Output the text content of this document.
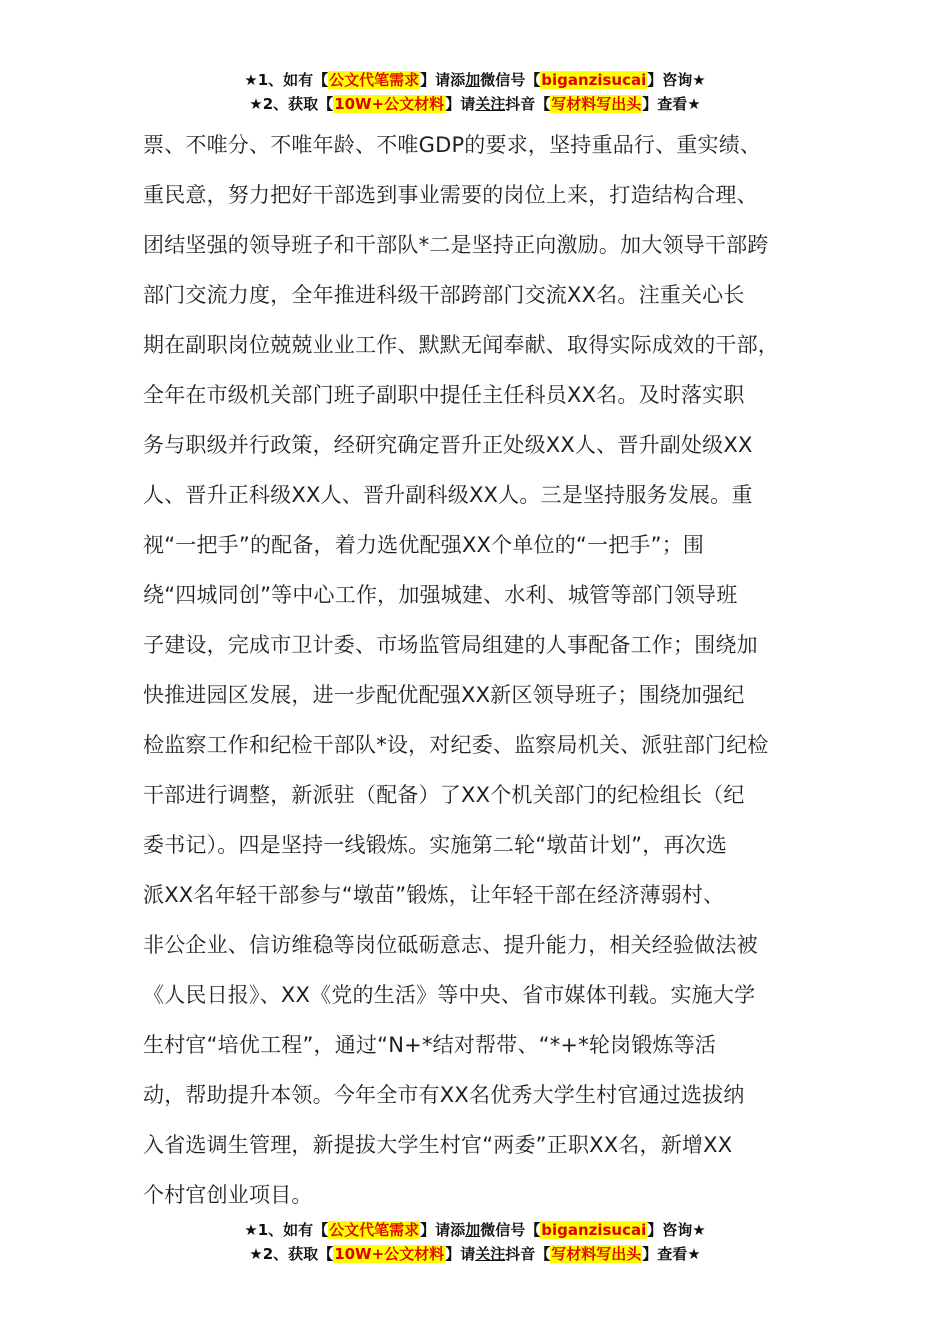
★1、如有【公文代笔需求】请添加微信号【biganzisucai】咨询★
★2、获取【10W+公文材料】请关注抖音【写材料写出头】查看★
票、不唯分、不唯年龄、不唯GDP的要求，坚持重品行、重实绩、
重民意，努力把好干部选到事业需要的岗位上来，打造结构合理、
团结坚强的领导班子和干部队*二是坚持正向激励。加大领导干部跨
部门交流力度，全年推进科级干部跨部门交流XX名。注重关心长
期在副职岗位兢兢业业工作、默默无闻奉献、取得实际成效的干部，
全年在市级机关部门班子副职中提任主任科员XX名。及时落实职
务与职级并行政策，经研究确定晋升正处级XX人、晋升副处级XX
人、晋升正科级XX人、晋升副科级XX人。三是坚持服务发展。重
视“一把手”的配备，着力选优配强XX个单位的“一把手”；围
绕“四城同创”等中心工作，加强城建、水利、城管等部门领导班
子建设，完成市卫计委、市场监管局组建的人事配备工作；围绕加
快推进园区发展，进一步配优配强XX新区领导班子；围绕加强纪
检监察工作和纪检干部队*设，对纪委、监察局机关、派驻部门纪检
干部进行调整，新派驻（配备）了XX个机关部门的纪检组长（纪
委书记）。四是坚持一线锻炼。实施第二轮“墩苗计划”，再次选
派XX名年轻干部参与“墩苗”锻炼，让年轻干部在经济薄弱村、
非公企业、信访维稳等岗位砥砺意志、提升能力，相关经验做法被
《人民日报》、XX《党的生活》等中央、省市媒体刊载。实施大学
生村官“培优工程”，通过“N+*结对帮带、“*+*轮岗锻炼等活
动，帮助提升本领。今年全市有XX名优秀大学生村官通过选拔纳
入省选调生管理，新提拔大学生村官“两委”正职XX名，新增XX
个村官创业项目。
★1、如有【公文代笔需求】请添加微信号【biganzisucai】咨询★
★2、获取【10W+公文材料】请关注抖音【写材料写出头】查看★
